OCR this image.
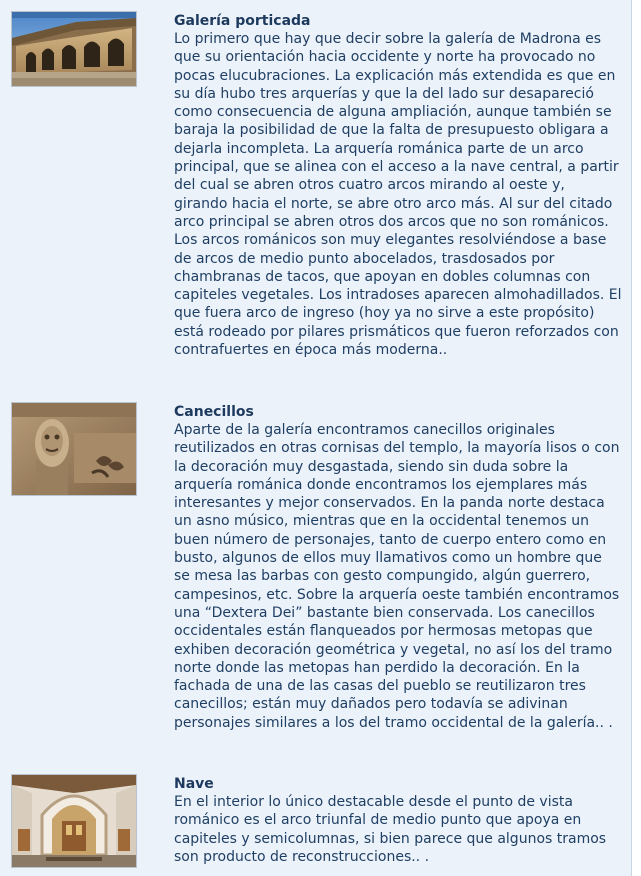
Galería porticada

Lo primero que hay que decir sobre la galería de Madrona es que su orientación hacia occidente y norte ha provocado no pocas elucubraciones. La explicación más extendida es que en su día hubo tres arquerías y que la del lado sur desapareció como consecuencia de alguna ampliación, aunque también se baraja la posibilidad de que la falta de presupuesto obligara a dejarla incompleta. La arquería románica parte de un arco principal, que se alinea con el acceso a la nave central, a partir del cual se abren otros cuatro arcos mirando al oeste y, girando hacia el norte, se abre otro arco más. Al sur del citado arco principal se abren otros dos arcos que no son románicos. Los arcos románicos son muy elegantes resolviéndose a base de arcos de medio punto abocelados, trasdosados por chambranas de tacos, que apoyan en dobles columnas con capiteles vegetales. Los intradoses aparecen almohadillados. El que fuera arco de ingreso (hoy ya no sirve a este propósito) está rodeado por pilares prismáticos que fueron reforzados con contrafuertes en época más moderna..

Canecillos

Aparte de la galería encontramos canecillos originales reutilizados en otras cornisas del templo, la mayoría lisos o con la decoración muy desgastada, siendo sin duda sobre la arquería románica donde encontramos los ejemplares más interesantes y mejor conservados. En la panda norte destaca un asno músico, mientras que en la occidental tenemos un buen número de personajes, tanto de cuerpo entero como en busto, algunos de ellos muy llamativos como un hombre que se mesa las barbas con gesto compungido, algún guerrero, campesinos, etc. Sobre la arquería oeste también encontramos una “Dextera Dei” bastante bien conservada. Los canecillos occidentales están flanqueados por hermosas metopas que exhiben decoración geométrica y vegetal, no así los del tramo norte donde las metopas han perdido la decoración. En la fachada de una de las casas del pueblo se reutilizaron tres canecillos; están muy dañados pero todavía se adivinan personajes similares a los del tramo occidental de la galería.. .

Nave

En el interior lo único destacable desde el punto de vista románico es el arco triunfal de medio punto que apoya en capiteles y semicolumnas, si bien parece que algunos tramos son producto de reconstrucciones.. .
